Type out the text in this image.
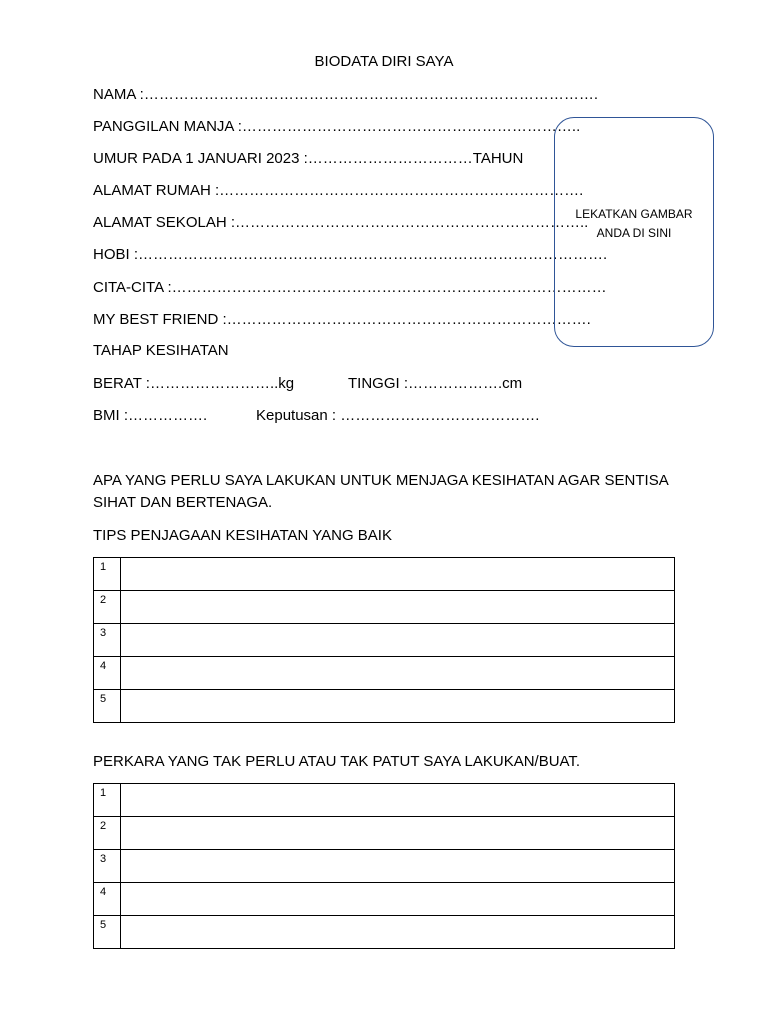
BIODATA DIRI SAYA
NAMA :……………………………………………………………………………….
PANGGILAN MANJA :…………………………………………………………..
UMUR PADA 1 JANUARI 2023 :……………………………TAHUN
ALAMAT RUMAH :……………………………………………………………….
ALAMAT SEKOLAH :……………………………………………………………..
HOBI :………………………………………………………………………………….
CITA-CITA :……………………………………………………………………………
MY BEST FRIEND :……………………………………………………………….
TAHAP KESIHATAN
BERAT :……………………..kg	TINGGI :……………….cm
BMI :…………….	Keputusan : ………………………………….
LEKATKAN GAMBAR
ANDA DI SINI
APA YANG PERLU SAYA LAKUKAN UNTUK MENJAGA KESIHATAN AGAR SENTISA SIHAT DAN BERTENAGA.
TIPS PENJAGAAN KESIHATAN YANG BAIK
1	
2	
3	
4	
5	
PERKARA YANG TAK PERLU ATAU TAK PATUT SAYA LAKUKAN/BUAT.
1	
2	
3	
4	
5	
